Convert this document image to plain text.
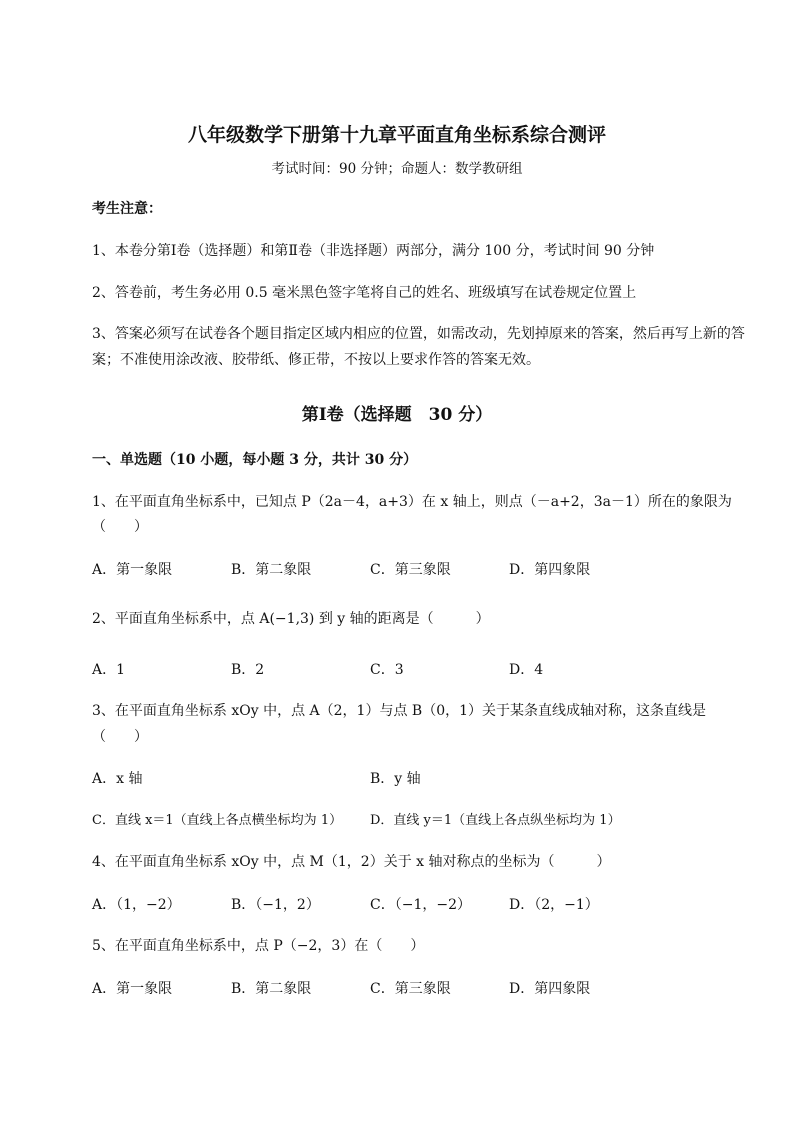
八年级数学下册第十九章平面直角坐标系综合测评
考试时间：90 分钟；命题人：数学教研组
考生注意：
1、本卷分第Ⅰ卷（选择题）和第Ⅱ卷（非选择题）两部分，满分 100 分，考试时间 90 分钟
2、答卷前，考生务必用 0.5 毫米黑色签字笔将自己的姓名、班级填写在试卷规定位置上
3、答案必须写在试卷各个题目指定区域内相应的位置，如需改动，先划掉原来的答案，然后再写上新的答案；不准使用涂改液、胶带纸、修正带，不按以上要求作答的答案无效。
第Ⅰ卷（选择题　30 分）
一、单选题（10 小题，每小题 3 分，共计 30 分）
1、在平面直角坐标系中，已知点 P（2a－4，a+3）在 x 轴上，则点（－a+2，3a－1）所在的象限为
（　　）
A．第一象限	B．第二象限	C．第三象限	D．第四象限
2、平面直角坐标系中，点 A(−1,3) 到 y 轴的距离是（　　　）
A．1	B．2	C．3	D．4
3、在平面直角坐标系 xOy 中，点 A（2，1）与点 B（0，1）关于某条直线成轴对称，这条直线是
（　　）
A．x 轴	B．y 轴
C．直线 x＝1（直线上各点横坐标均为 1） D．直线 y＝1（直线上各点纵坐标均为 1）
4、在平面直角坐标系 xOy 中，点 M（1，2）关于 x 轴对称点的坐标为（　　　）
A．（1，−2）	B．（−1，2）	C．（−1，−2）	D．（2，−1）
5、在平面直角坐标系中，点 P（−2，3）在（　　）
A．第一象限	B．第二象限	C．第三象限	D．第四象限
